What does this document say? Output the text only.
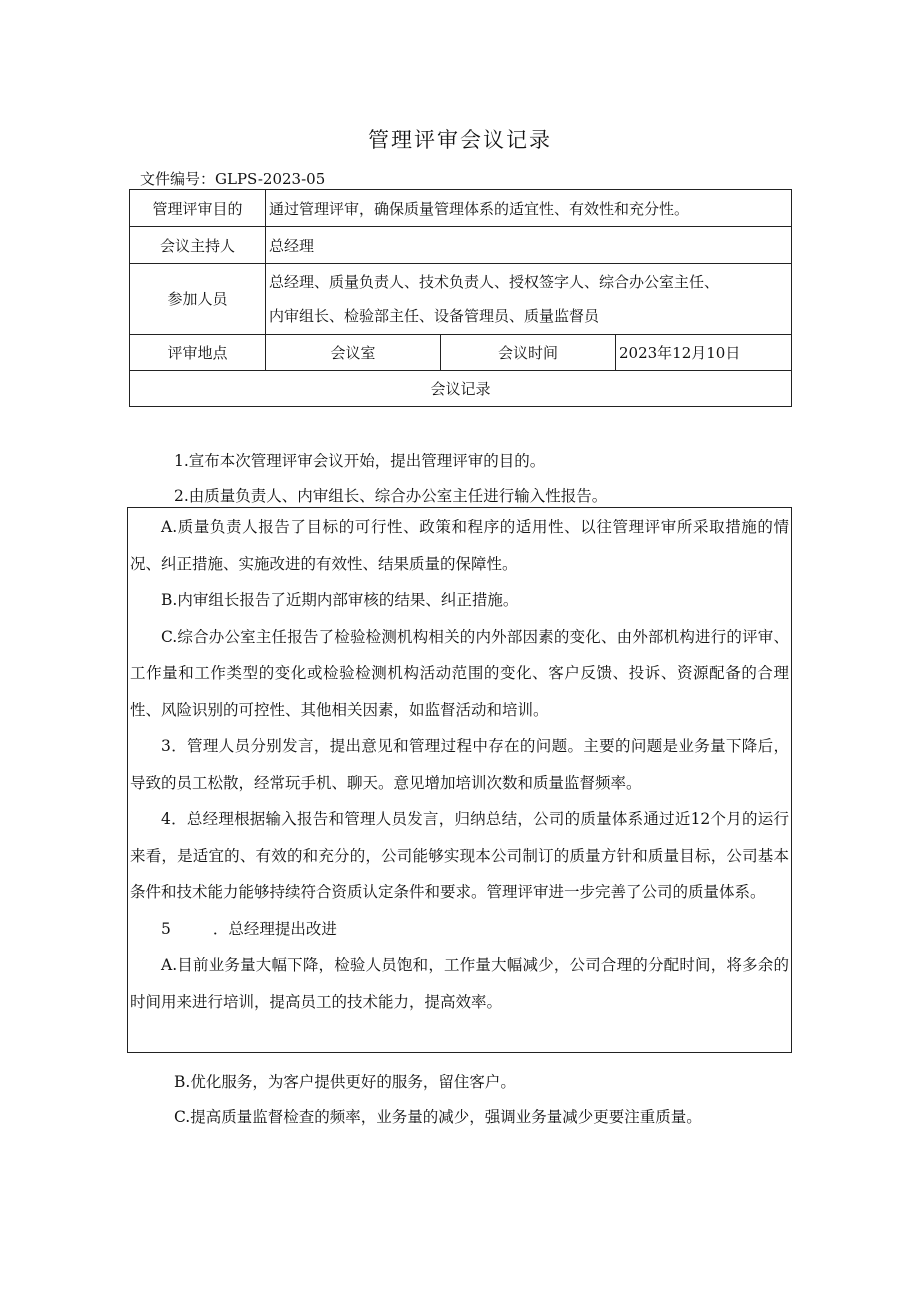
管理评审会议记录
文件编号：GLPS-2023-05
管理评审目的	通过管理评审，确保质量管理体系的适宜性、有效性和充分性。		
会议主持人	总经理		
参加人员	总经理、质量负责人、技术负责人、授权签字人、综合办公室主任、
内审组长、检验部主任、设备管理员、质量监督员		

评审地点	会议室	会议时间	2023年12月10日
会议记录			
1.宣布本次管理评审会议开始，提出管理评审的目的。
2.由质量负责人、内审组长、综合办公室主任进行输入性报告。

A.质量负责人报告了目标的可行性、政策和程序的适用性、以往管理评审所采取措施的情况、纠正措施、实施改进的有效性、结果质量的保障性。

B.内审组长报告了近期内部审核的结果、纠正措施。

C.综合办公室主任报告了检验检测机构相关的内外部因素的变化、由外部机构进行的评审、工作量和工作类型的变化或检验检测机构活动范围的变化、客户反馈、投诉、资源配备的合理性、风险识别的可控性、其他相关因素，如监督活动和培训。

3．管理人员分别发言，提出意见和管理过程中存在的问题。主要的问题是业务量下降后，导致的员工松散，经常玩手机、聊天。意见增加培训次数和质量监督频率。

4．总经理根据输入报告和管理人员发言，归纳总结，公司的质量体系通过近12个月的运行来看，是适宜的、有效的和充分的，公司能够实现本公司制订的质量方针和质量目标，公司基本条件和技术能力能够持续符合资质认定条件和要求。管理评审进一步完善了公司的质量体系。

5	．总经理提出改进

A.目前业务量大幅下降，检验人员饱和，工作量大幅减少，公司合理的分配时间，将多余的时间用来进行培训，提高员工的技术能力，提高效率。

B.优化服务，为客户提供更好的服务，留住客户。
C.提高质量监督检查的频率，业务量的减少，强调业务量减少更要注重质量。
